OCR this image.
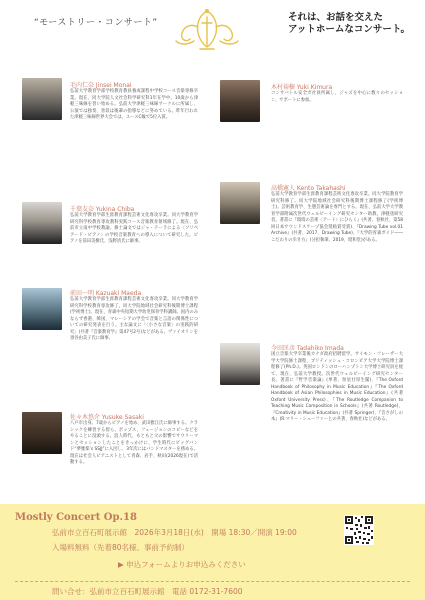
“モーストリー・コンサート”	それは、お話を交えた
アットホームなコンサート。
毛内仁奈 Jinsei Monai
弘前大学教育学部学校教育教員養成課程中学校コース音楽専修卒業。現在、同大学院人文社会科学研究科1年在学中。10歳から津軽三味線を習い始める。弘前大学津軽三味線サークルに所属し、公演では独奏、普段は後輩の指導などに努めている。昨年行われた津軽三味線世界大会では、ユースC級で5位入賞。
千葉友奈 Yukina Chiba
弘前大学教育学部生涯教育課程芸術文化専攻卒業。同大学教育学研究科学校教育専攻教科実践コース音楽教育領域修了。現在、弘前市立南中学校教諭。修士論文ではジャ・テーラによる〈ソリペアード・ピアノ〉の学校音楽教育への導入について研究した。ピアノを前田美樹氏、浅野清氏に師事。
前田一明 Kazuaki Maeda
弘前大学教育学部生涯教育課程芸術文化専攻卒業。同大学教育学研究科学校教育専攻修了。同大学院地域社会研究科後期博士課程(学術博士)。現在、青森中央短期大学幼児保育学科講師。国内のみならず香港、韓国、マレーシアの学会で音楽と言語の関係性についての研究発表を行う。主な論文に「〈小さな音楽〉の実践的研究」(共著『音楽教育学』第47号2号)などがある。ヴァイオリンを須谷由美子氏に師事。
佐々木悠介 Yusuke Sasaki
八戸市出身。7歳からピアノを始め、武田雅江氏に師事する。クラシックを練習する傍ら、ポップス、フュージョンのコピーなどをやることに没頭する。浪人時代、もともと父の影響でサウリーマンとセッションしたことをきっかけに、学生時代にビッグバンド“夢雅楽’s SSJJ”に入団し、3年次にはバンドマスターを務める。現在は社会人ピアニストとして青森、岩手、秋田(2026現在)で活動する。
木村裕樹 Yuki Kimura
コンサバトル安全ガ社員所属し、ジャズを中心に数々のセッション、サポートに参加。
高橋憲人 Kento Takahashi
弘前大学教育学部生涯教育課程芸術文化専攻卒業。同大学院教育学研究科修了。同大学院地域社会研究科後期博士課程修了(学術博士)。芸術教育学、生態芸術論を専門とする。現在、弘前大学大学教育学部附属次世代ウェルビーイング研究センター助教。津軽塗研究者。著書に『環境の芸術〈アート〉にひらく』(共著、春秋社、第58回日本サウンドスケープ協会奨励賞受賞)、『Drawing Tube vol.01 Archive』(共著、2017、Drawing Tube)、『大学的青森ガイド――こだわりの歩き方』(分担執筆、2019、昭和堂)がある。
今田匡彦 Tadahiko Imada
国立音楽大学卒業後カナダ政府招聘留学。サイモン・フレーザー大学大学院修士課程、ブリティッシュ・コロンビア大学大学院博士課程修了(Ph.D.)。英国ロンドンのローハンプトン大学博士研究員を経て、現在、弘前大学教授。次世代ウェルビーイング研究センター長。著書に『哲学音楽論』(単著、恒星社厚生閣)、『The Oxford Handbook of Philosophy in Music Education』『The Oxford Handbook of Asian Philosophies in Music Education』(共著 Oxford University Press)、『The Routledge Companion to Teaching Music Composition in Schools』(共著 Routledge)、『Creativity in Music Education』(共著 Springer)、『音さがしの本』(R.マリー・シェーファーとの共著、春秋社)などがある。
Mostly Concert Op.18
弘前市立百石町展示館　2026年3月18日(水)　開場 18:30／開演 19:00
入場料無料（先着80名様、事前予約制）
▶ 申込フォームよりお申込みください
問い合せ：弘前市立百石町展示館　電話 0172-31-7600
